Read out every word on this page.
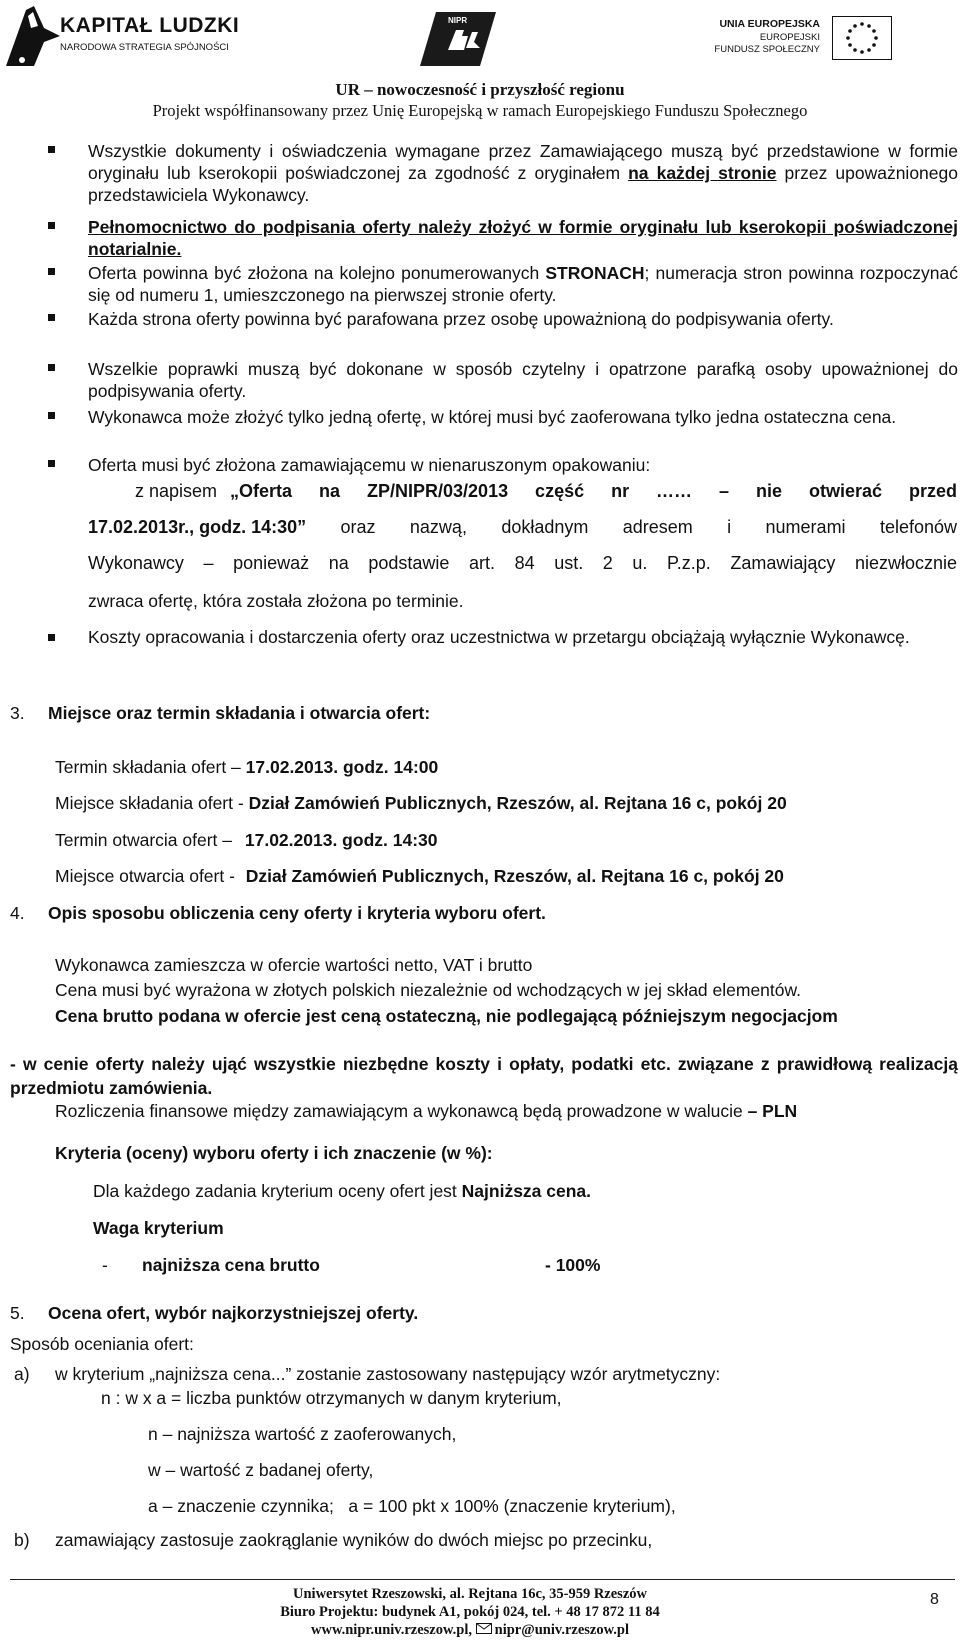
KAPITAŁ LUDZKI
NARODOWA STRATEGIA SPÓJNOŚCI
NIPR	UNIA EUROPEJSKA
EUROPEJSKI
FUNDUSZ SPOŁECZNY
UR – nowoczesność i przyszłość regionu
Projekt współfinansowany przez Unię Europejską w ramach Europejskiego Funduszu Społecznego
Wszystkie dokumenty i oświadczenia wymagane przez Zamawiającego muszą być przedstawione w formie oryginału lub kserokopii poświadczonej za zgodność z oryginałem na każdej stronie przez upoważnionego przedstawiciela Wykonawcy.
Pełnomocnictwo do podpisania oferty należy złożyć w formie oryginału lub kserokopii poświadczonej notarialnie.
Oferta powinna być złożona na kolejno ponumerowanych STRONACH; numeracja stron powinna rozpoczynać się od numeru 1, umieszczonego na pierwszej stronie oferty.
Każda strona oferty powinna być parafowana przez osobę upoważnioną do podpisywania oferty.
Wszelkie poprawki muszą być dokonane w sposób czytelny i opatrzone parafką osoby upoważnionej do podpisywania oferty.
Wykonawca może złożyć tylko jedną ofertę, w której musi być zaoferowana tylko jedna ostateczna cena.
Oferta musi być złożona zamawiającemu w nienaruszonym opakowaniu:
z napisem „Oferta na ZP/NIPR/03/2013 część nr …… – nie otwierać przed
17.02.2013r., godz. 14:30” oraz nazwą, dokładnym adresem i numerami telefonów
Wykonawcy – ponieważ na podstawie art. 84 ust. 2 u. P.z.p. Zamawiający niezwłocznie
zwraca ofertę, która została złożona po terminie.
Koszty opracowania i dostarczenia oferty oraz uczestnictwa w przetargu obciążają wyłącznie Wykonawcę.
3. Miejsce oraz termin składania i otwarcia ofert:
Termin składania ofert – 17.02.2013. godz. 14:00
Miejsce składania ofert - Dział Zamówień Publicznych, Rzeszów, al. Rejtana 16 c, pokój 20
Termin otwarcia ofert – 17.02.2013. godz. 14:30
Miejsce otwarcia ofert - Dział Zamówień Publicznych, Rzeszów, al. Rejtana 16 c, pokój 20
4. Opis sposobu obliczenia ceny oferty i kryteria wyboru ofert.
Wykonawca zamieszcza w ofercie wartości netto, VAT i brutto
Cena musi być wyrażona w złotych polskich niezależnie od wchodzących w jej skład elementów.
Cena brutto podana w ofercie jest ceną ostateczną, nie podlegającą późniejszym negocjacjom
- w cenie oferty należy ująć wszystkie niezbędne koszty i opłaty, podatki etc. związane z prawidłową realizacją przedmiotu zamówienia.
Rozliczenia finansowe między zamawiającym a wykonawcą będą prowadzone w walucie – PLN
Kryteria (oceny) wyboru oferty i ich znaczenie (w %):
Dla każdego zadania kryterium oceny ofert jest Najniższa cena.
Waga kryterium
- najniższa cena brutto	- 100%
5. Ocena ofert, wybór najkorzystniejszej oferty.
Sposób oceniania ofert:
a) w kryterium „najniższa cena...” zostanie zastosowany następujący wzór arytmetyczny:
n : w x a = liczba punktów otrzymanych w danym kryterium,
n – najniższa wartość z zaoferowanych,
w – wartość z badanej oferty,
a – znaczenie czynnika;   a = 100 pkt x 100% (znaczenie kryterium),
b) zamawiający zastosuje zaokrąglanie wyników do dwóch miejsc po przecinku,
Uniwersytet Rzeszowski, al. Rejtana 16c, 35-959 Rzeszów
Biuro Projektu: budynek A1, pokój 024, tel. + 48 17 872 11 84
www.nipr.univ.rzeszow.pl, nipr@univ.rzeszow.pl
8
